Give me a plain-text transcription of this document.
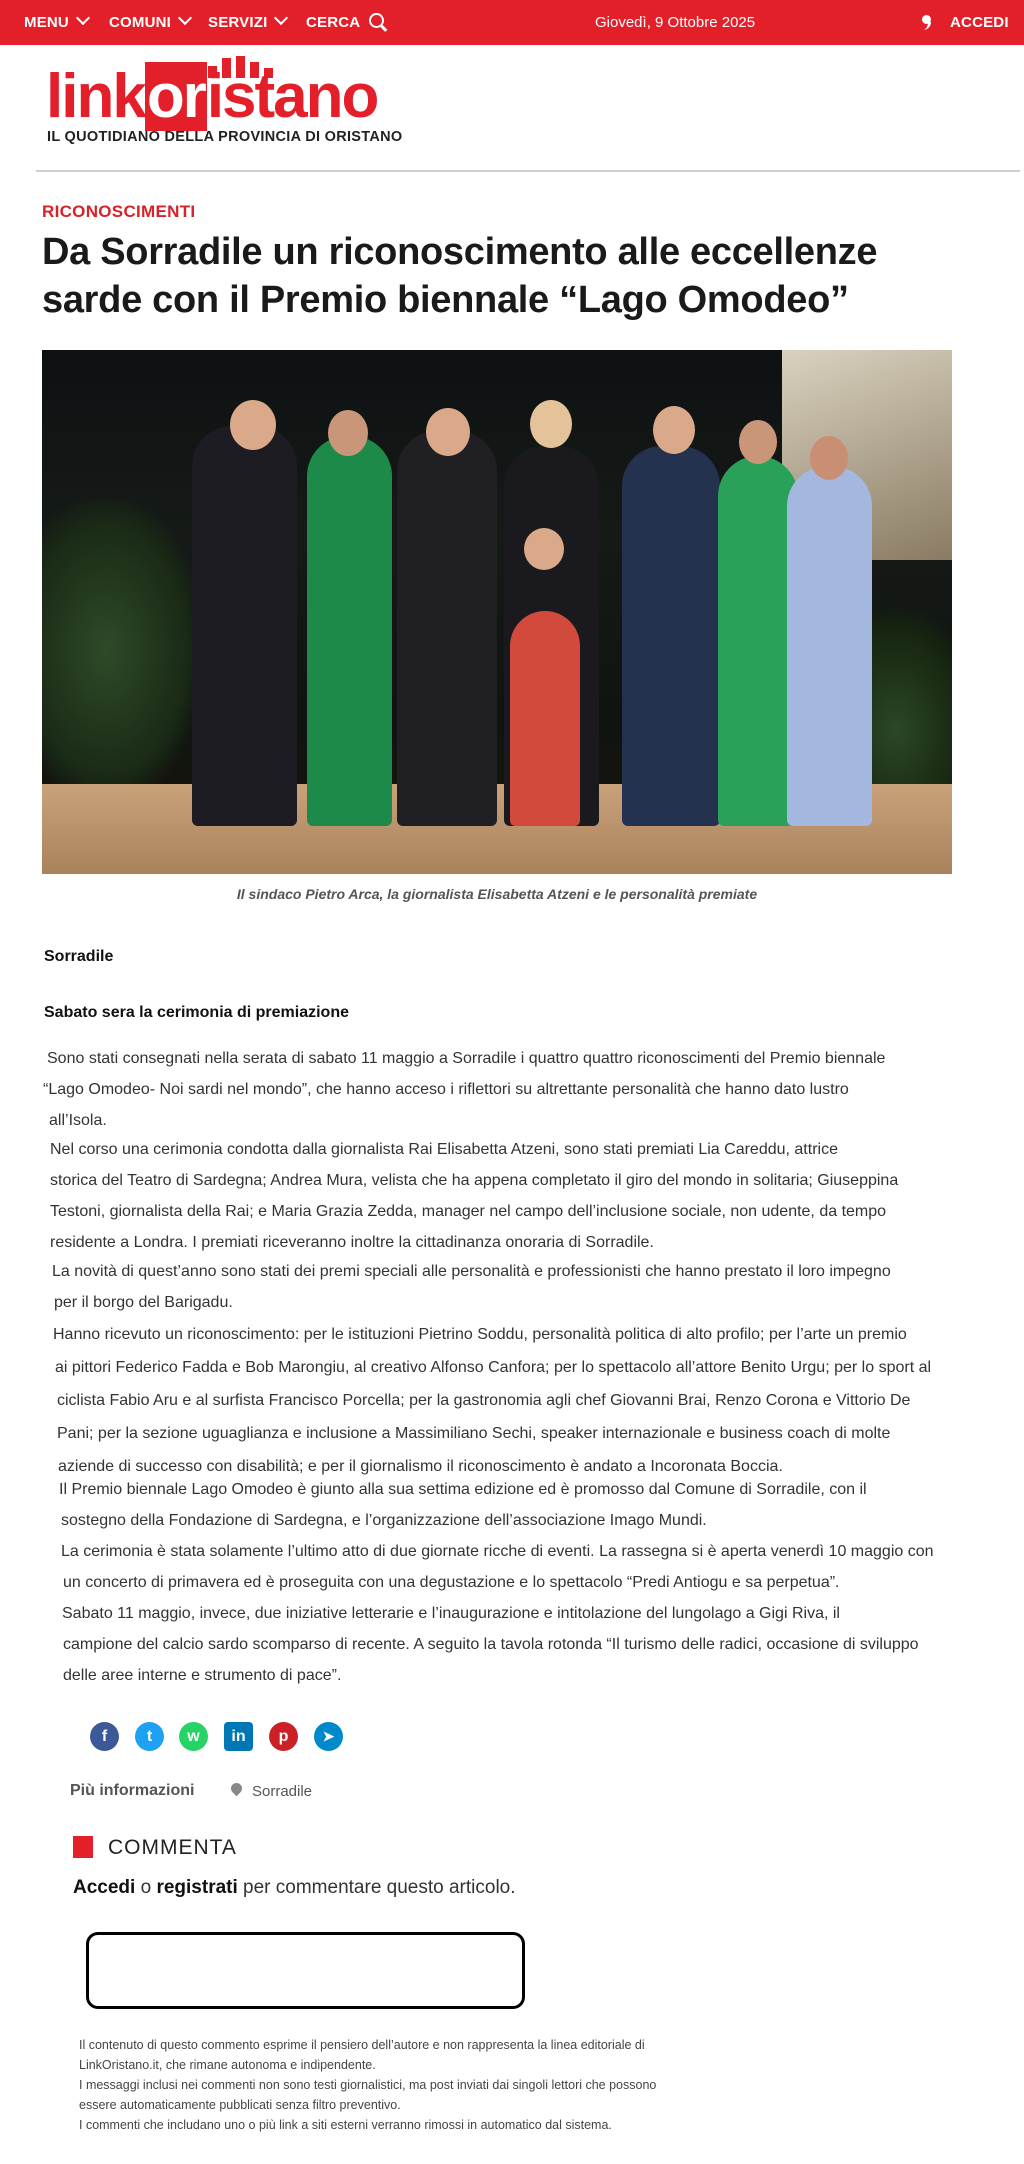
MENU	COMUNI	SERVIZI	CERCA	Giovedì, 9 Ottobre 2025	ACCEDI
linkoristano
IL QUOTIDIANO DELLA PROVINCIA DI ORISTANO
RICONOSCIMENTI
Da Sorradile un riconoscimento alle eccellenze sarde con il Premio biennale “Lago Omodeo”
Il sindaco Pietro Arca, la giornalista Elisabetta Atzeni e le personalità premiate
Sorradile
Sabato sera la cerimonia di premiazione
Sono stati consegnati nella serata di sabato 11 maggio a Sorradile i quattro quattro riconoscimenti del Premio biennale
“Lago Omodeo- Noi sardi nel mondo”, che hanno acceso i riflettori su altrettante personalità che hanno dato lustro
all’Isola.
Nel corso una cerimonia condotta dalla giornalista Rai Elisabetta Atzeni, sono stati premiati Lia Careddu, attrice
storica del Teatro di Sardegna; Andrea Mura, velista che ha appena completato il giro del mondo in solitaria; Giuseppina
Testoni, giornalista della Rai; e Maria Grazia Zedda, manager nel campo dell’inclusione sociale, non udente, da tempo
residente a Londra. I premiati riceveranno inoltre la cittadinanza onoraria di Sorradile.
La novità di quest’anno sono stati dei premi speciali alle personalità e professionisti che hanno prestato il loro impegno
per il borgo del Barigadu.
Hanno ricevuto un riconoscimento: per le istituzioni Pietrino Soddu, personalità politica di alto profilo; per l’arte un premio
ai pittori Federico Fadda e Bob Marongiu, al creativo Alfonso Canfora; per lo spettacolo all’attore Benito Urgu; per lo sport al
ciclista Fabio Aru e al surfista Francisco Porcella; per la gastronomia agli chef Giovanni Brai, Renzo Corona e Vittorio De
Pani; per la sezione uguaglianza e inclusione a Massimiliano Sechi, speaker internazionale e business coach di molte
aziende di successo con disabilità; e per il giornalismo il riconoscimento è andato a Incoronata Boccia.
Il Premio biennale Lago Omodeo è giunto alla sua settima edizione ed è promosso dal Comune di Sorradile, con il
sostegno della Fondazione di Sardegna, e l’organizzazione dell’associazione Imago Mundi.
La cerimonia è stata solamente l’ultimo atto di due giornate ricche di eventi. La rassegna si è aperta venerdì 10 maggio con
un concerto di primavera ed è proseguita con una degustazione e lo spettacolo “Predi Antiogu e sa perpetua”.
Sabato 11 maggio, invece, due iniziative letterarie e l’inaugurazione e intitolazione del lungolago a Gigi Riva, il
campione del calcio sardo scomparso di recente. A seguito la tavola rotonda “Il turismo delle radici, occasione di sviluppo
delle aree interne e strumento di pace”.
f	t	w	in	p	➤
Più informazioni	Sorradile
COMMENTA
Accedi o registrati per commentare questo articolo.
Il contenuto di questo commento esprime il pensiero dell’autore e non rappresenta la linea editoriale di
LinkOristano.it, che rimane autonoma e indipendente.
I messaggi inclusi nei commenti non sono testi giornalistici, ma post inviati dai singoli lettori che possono
essere automaticamente pubblicati senza filtro preventivo.
I commenti che includano uno o più link a siti esterni verranno rimossi in automatico dal sistema.
